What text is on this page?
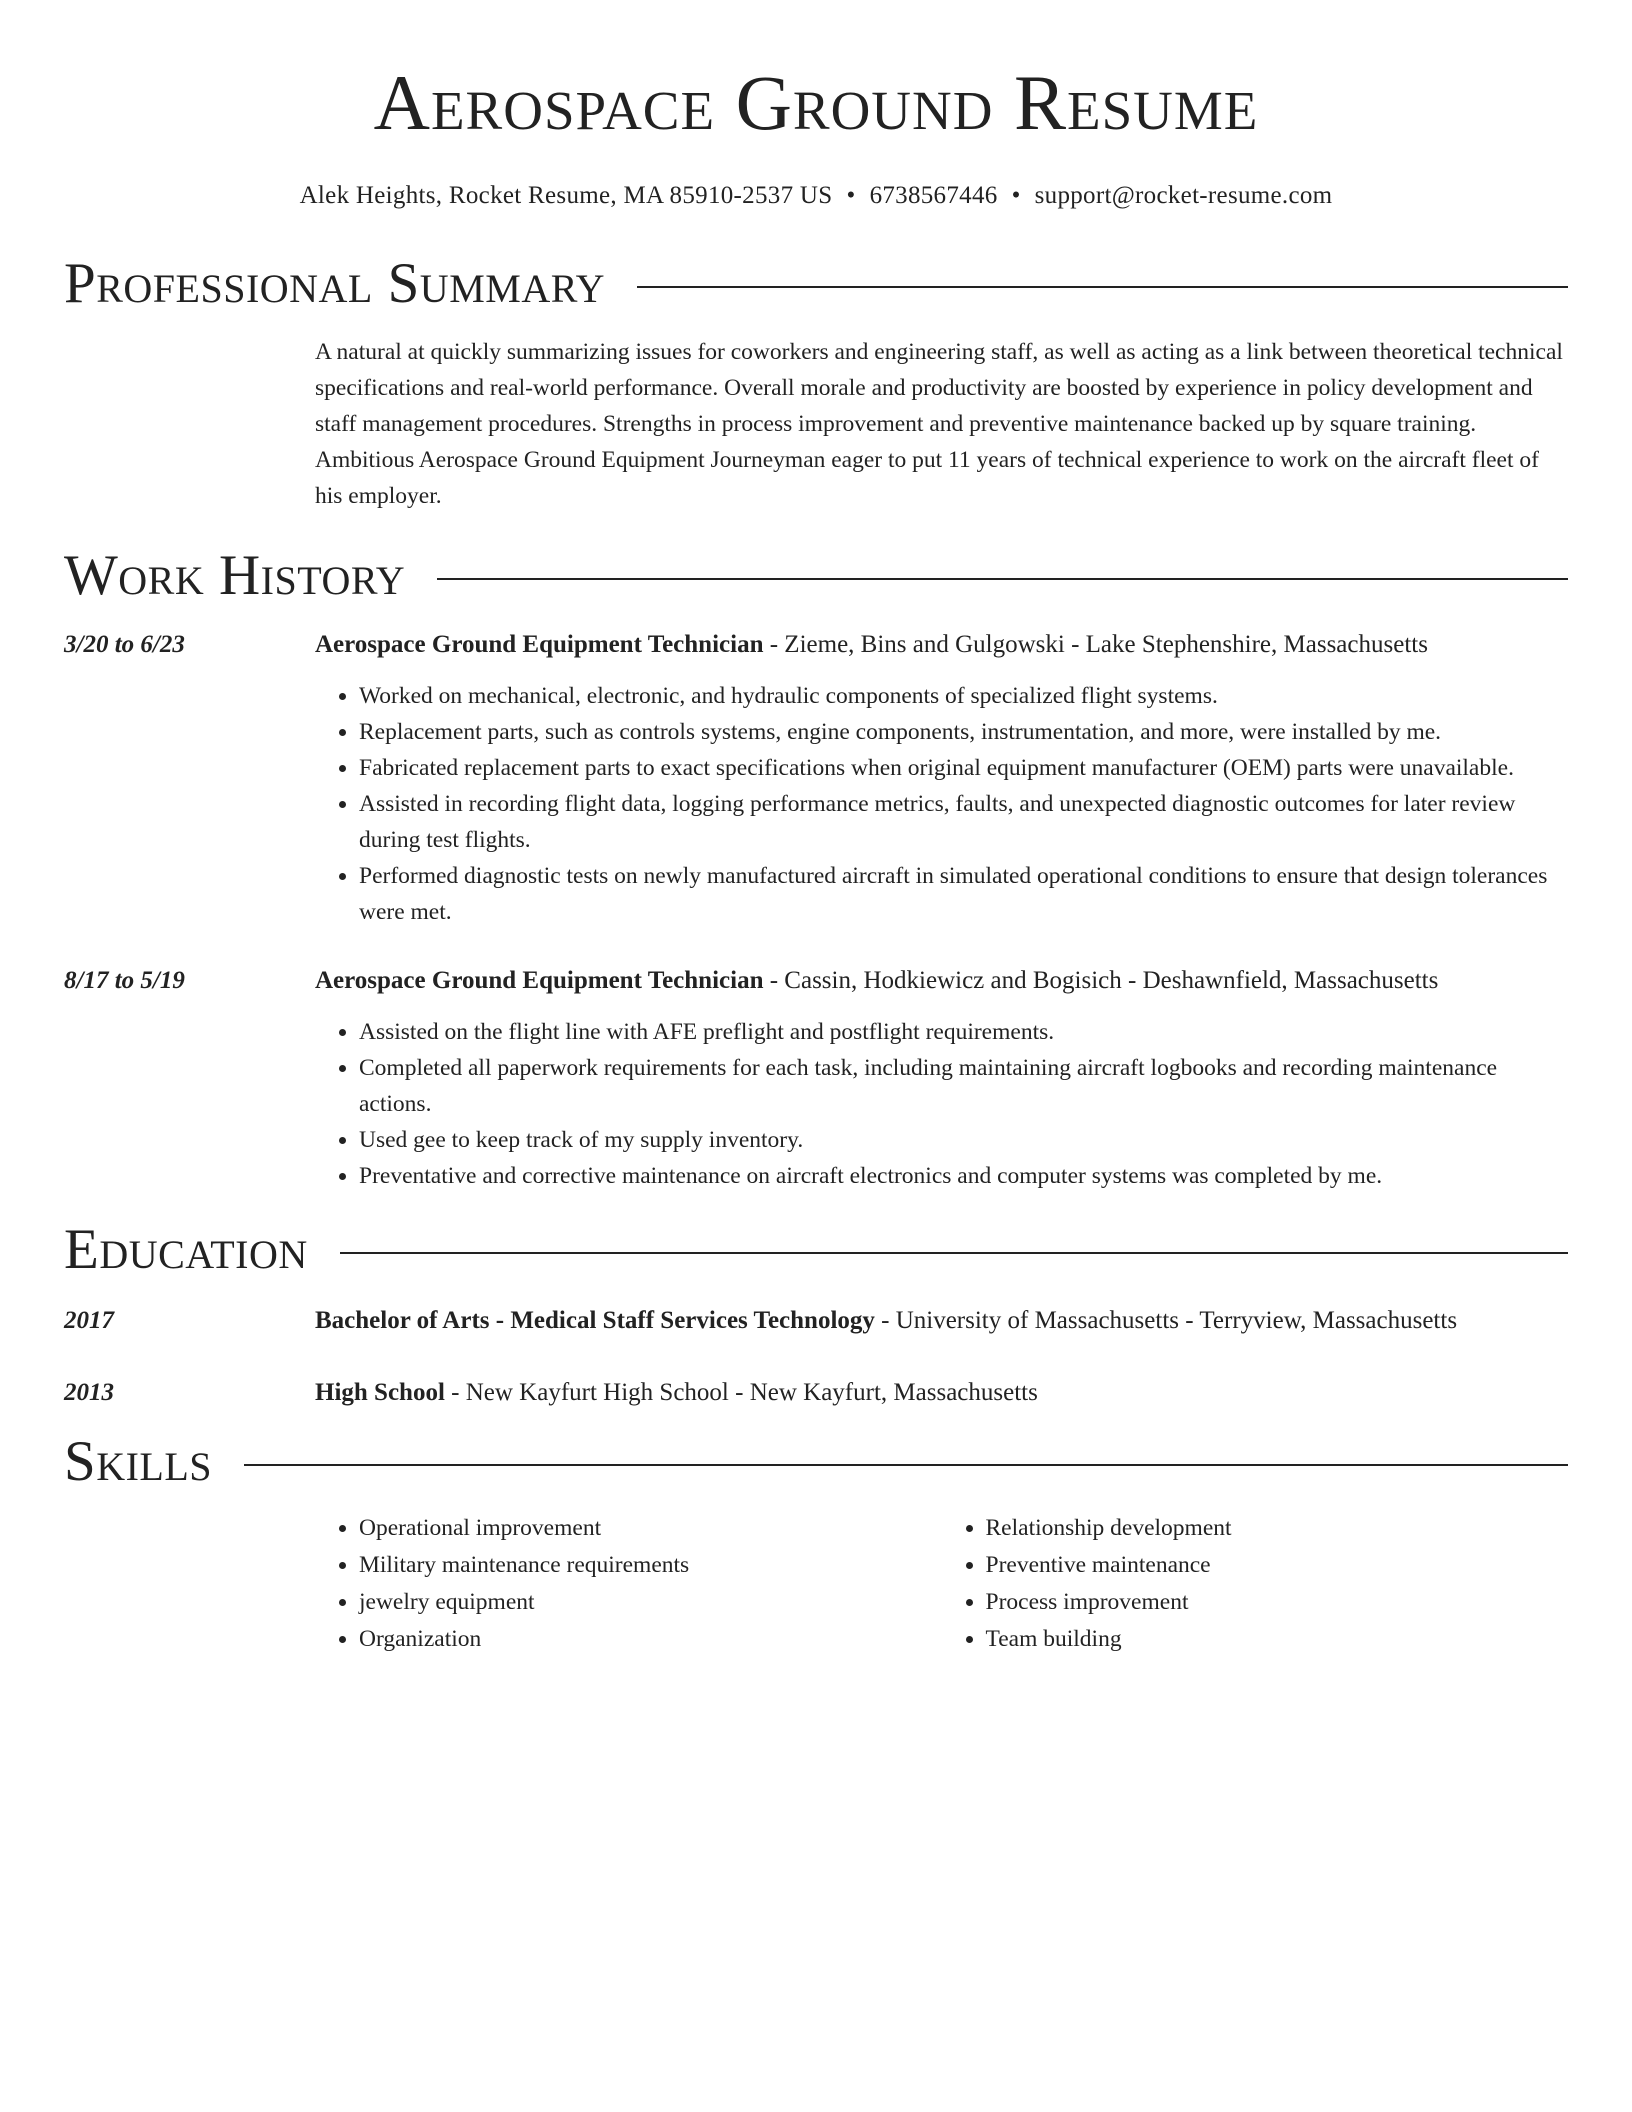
Aerospace Ground Resume
Alek Heights, Rocket Resume, MA 85910-2537 US • 6738567446 • support@rocket-resume.com
Professional Summary
A natural at quickly summarizing issues for coworkers and engineering staff, as well as acting as a link between theoretical technical specifications and real-world performance. Overall morale and productivity are boosted by experience in policy development and staff management procedures. Strengths in process improvement and preventive maintenance backed up by square training. Ambitious Aerospace Ground Equipment Journeyman eager to put 11 years of technical experience to work on the aircraft fleet of his employer.
Work History
3/20 to 6/23	Aerospace Ground Equipment Technician - Zieme, Bins and Gulgowski - Lake Stephenshire, Massachusetts
• Worked on mechanical, electronic, and hydraulic components of specialized flight systems.
• Replacement parts, such as controls systems, engine components, instrumentation, and more, were installed by me.
• Fabricated replacement parts to exact specifications when original equipment manufacturer (OEM) parts were unavailable.
• Assisted in recording flight data, logging performance metrics, faults, and unexpected diagnostic outcomes for later review during test flights.
• Performed diagnostic tests on newly manufactured aircraft in simulated operational conditions to ensure that design tolerances were met.
8/17 to 5/19	Aerospace Ground Equipment Technician - Cassin, Hodkiewicz and Bogisich - Deshawnfield, Massachusetts
• Assisted on the flight line with AFE preflight and postflight requirements.
• Completed all paperwork requirements for each task, including maintaining aircraft logbooks and recording maintenance actions.
• Used gee to keep track of my supply inventory.
• Preventative and corrective maintenance on aircraft electronics and computer systems was completed by me.
Education
2017	Bachelor of Arts - Medical Staff Services Technology - University of Massachusetts - Terryview, Massachusetts
2013	High School - New Kayfurt High School - New Kayfurt, Massachusetts
Skills
• Operational improvement
• Military maintenance requirements
• jewelry equipment
• Organization
• Relationship development
• Preventive maintenance
• Process improvement
• Team building
